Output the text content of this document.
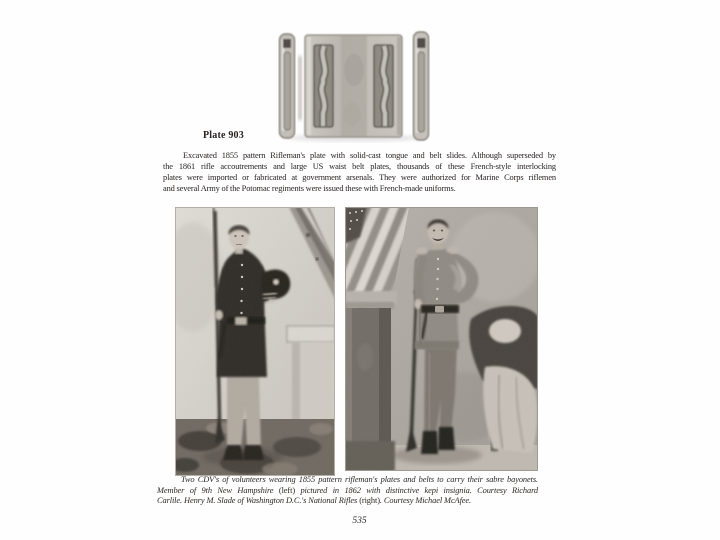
Plate 903
Excavated 1855 pattern Rifleman's plate with solid-cast tongue and belt slides. Although superseded by
the 1861 rifle accoutrements and large US waist belt plates, thousands of these French-style interlocking
plates were imported or fabricated at government arsenals. They were authorized for Marine Corps riflemen
and several Army of the Potomac regiments were issued these with French-made uniforms.
Two CDV's of volunteers wearing 1855 pattern rifleman's plates and belts to carry their sabre bayonets.
Member of 9th New Hampshire (left) pictured in 1862 with distinctive kepi insignia. Courtesy Richard
Carlile. Henry M. Slade of Washington D.C.'s National Rifles (right). Courtesy Michael McAfee.
535
